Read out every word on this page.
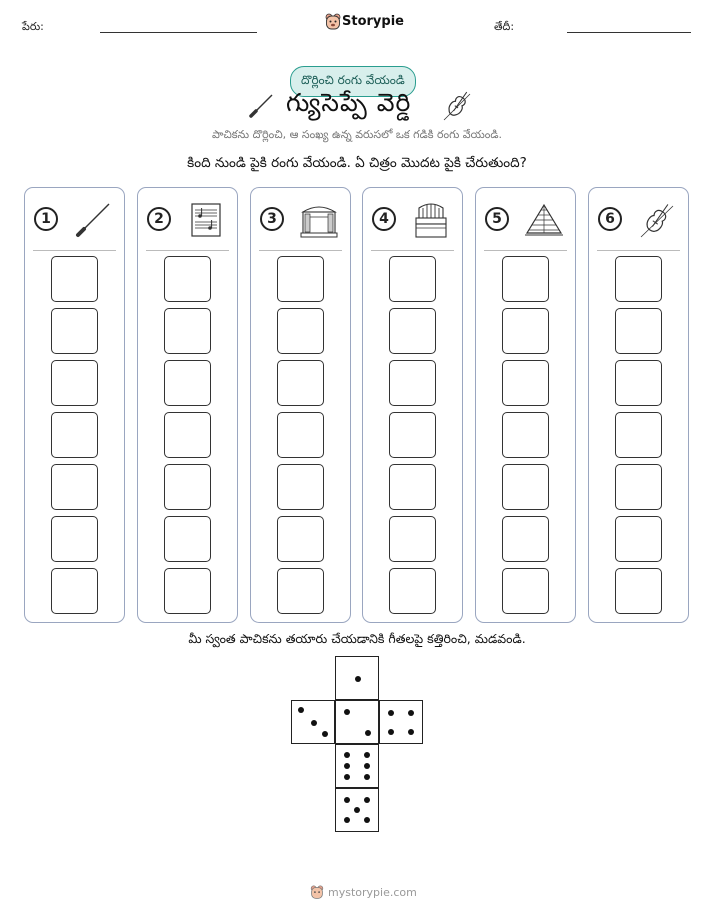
పేరు:	Storypie	తేదీ:
దొర్లించి రంగు వేయండి
గ్యుసెప్పే వెర్డి
పాచికను దొర్లించి, ఆ సంఖ్య ఉన్న వరుసలో ఒక గడికి రంగు వేయండి.
కింది నుండి పైకి రంగు వేయండి. ఏ చిత్రం మొదట పైకి చేరుతుంది?
1	2	3	4	5	6
మీ స్వంత పాచికను తయారు చేయడానికి గీతలపై కత్తిరించి, మడవండి.
mystorypie.com
